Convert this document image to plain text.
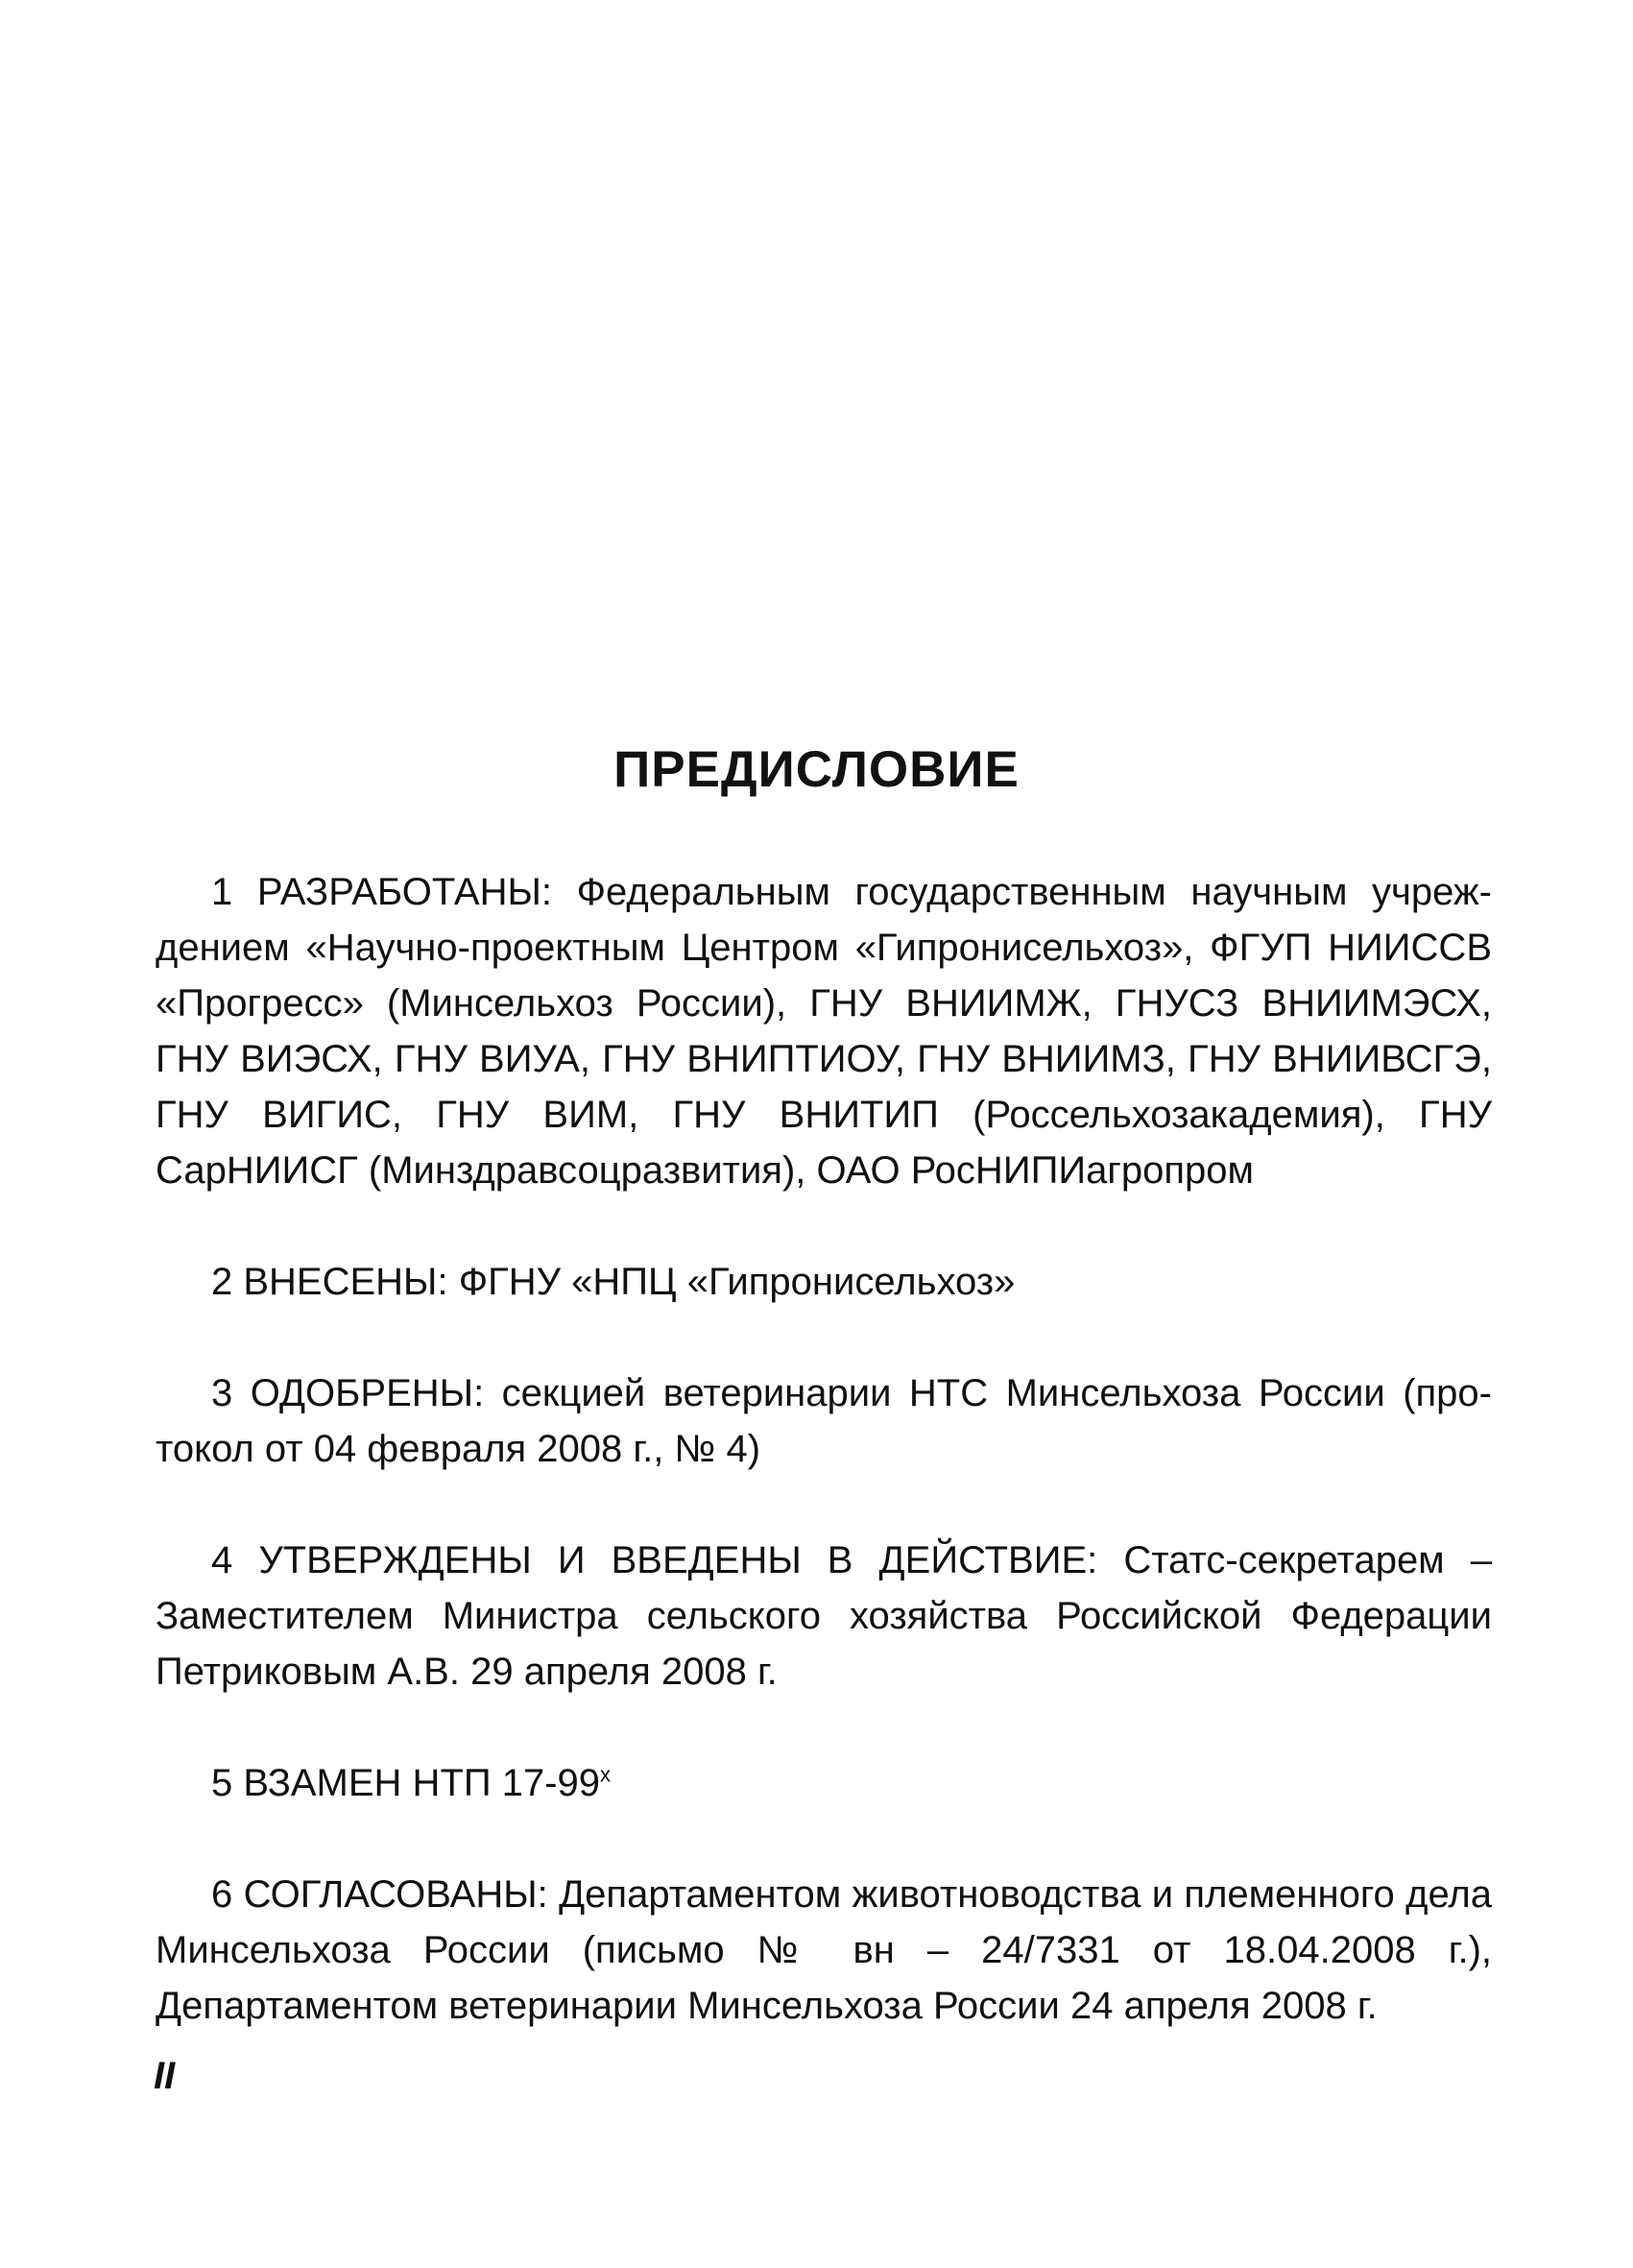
ПРЕДИСЛОВИЕ

1 РАЗРАБОТАНЫ: Федеральным государственным научным учреждением «Научно-проектным Центром «Гипронисельхоз», ФГУП НИИССВ «Прогресс» (Минсельхоз России), ГНУ ВНИИМЖ, ГНУСЗ ВНИИМЭСХ, ГНУ ВИЭСХ, ГНУ ВИУА, ГНУ ВНИПТИОУ, ГНУ ВНИИМЗ, ГНУ ВНИИВСГЭ, ГНУ ВИГИС, ГНУ ВИМ, ГНУ ВНИТИП (Россельхозакадемия), ГНУ СарНИИСГ (Минздравсоцразвития), ОАО РосНИПИагропром

2 ВНЕСЕНЫ: ФГНУ «НПЦ «Гипронисельхоз»

3 ОДОБРЕНЫ: секцией ветеринарии НТС Минсельхоза России (протокол от 04 февраля 2008 г., № 4)

4 УТВЕРЖДЕНЫ И ВВЕДЕНЫ В ДЕЙСТВИЕ: Статс-секретарем – Заместителем Министра сельского хозяйства Российской Федерации Петриковым А.В. 29 апреля 2008 г.

5 ВЗАМЕН НТП $17-99^х$

6 СОГЛАСОВАНЫ: Департаментом животноводства и племенного дела Минсельхоза России (письмо № вн – 24/7331 от 18.04.2008 г.), Департаментом ветеринарии Минсельхоза России 24 апреля 2008 г.

II
